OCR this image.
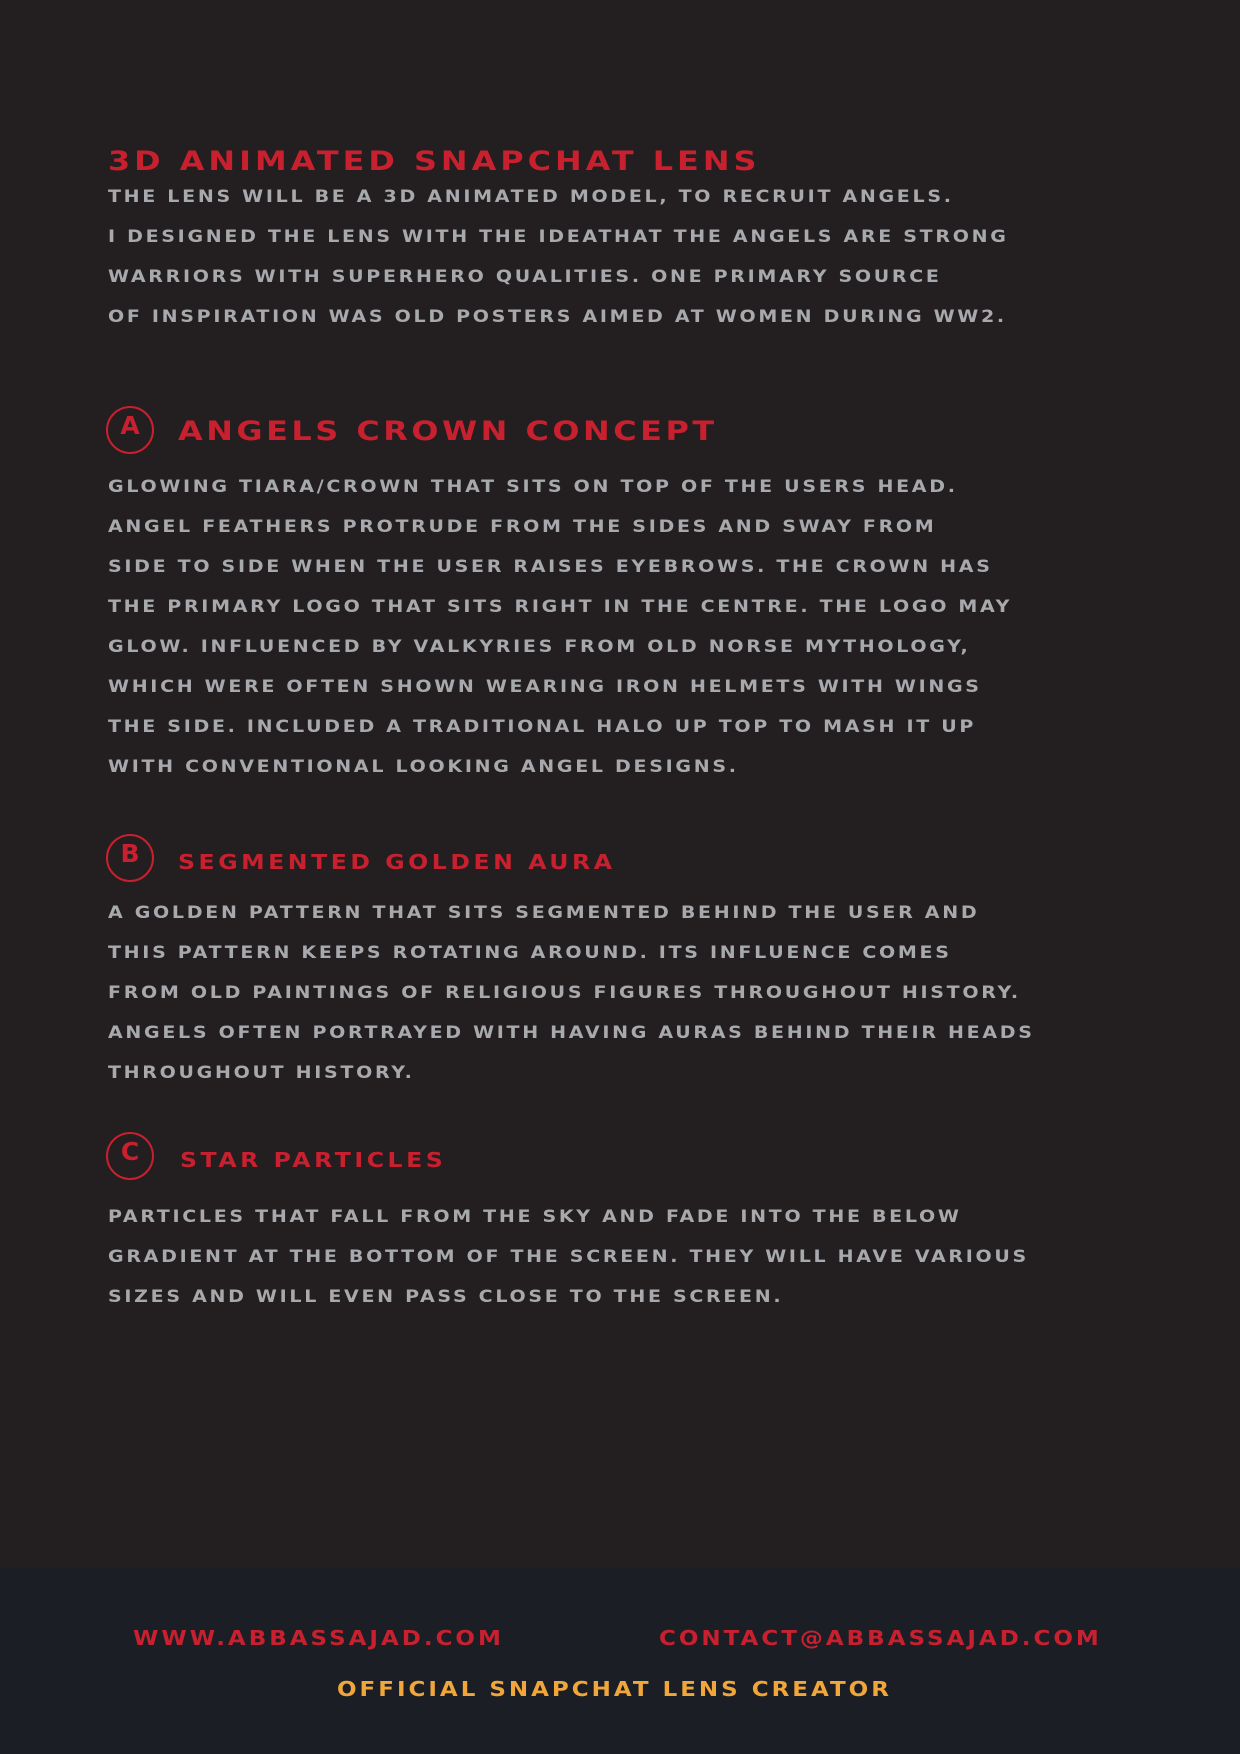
3D ANIMATED SNAPCHAT LENS

THE LENS WILL BE A 3D ANIMATED MODEL, TO RECRUIT ANGELS.
I DESIGNED THE LENS WITH THE IDEATHAT THE ANGELS ARE STRONG
WARRIORS WITH SUPERHERO QUALITIES. ONE PRIMARY SOURCE
OF INSPIRATION WAS OLD POSTERS AIMED AT WOMEN DURING WW2.

A	ANGELS CROWN CONCEPT

GLOWING TIARA/CROWN THAT SITS ON TOP OF THE USERS HEAD.
ANGEL FEATHERS PROTRUDE FROM THE SIDES AND SWAY FROM
SIDE TO SIDE WHEN THE USER RAISES EYEBROWS. THE CROWN HAS
THE PRIMARY LOGO THAT SITS RIGHT IN THE CENTRE. THE LOGO MAY
GLOW. INFLUENCED BY VALKYRIES FROM OLD NORSE MYTHOLOGY,
WHICH WERE OFTEN SHOWN WEARING IRON HELMETS WITH WINGS
THE SIDE. INCLUDED A TRADITIONAL HALO UP TOP TO MASH IT UP
WITH CONVENTIONAL LOOKING ANGEL DESIGNS.

B	SEGMENTED GOLDEN AURA

A GOLDEN PATTERN THAT SITS SEGMENTED BEHIND THE USER AND
THIS PATTERN KEEPS ROTATING AROUND. ITS INFLUENCE COMES
FROM OLD PAINTINGS OF RELIGIOUS FIGURES THROUGHOUT HISTORY.
ANGELS OFTEN PORTRAYED WITH HAVING AURAS BEHIND THEIR HEADS
THROUGHOUT HISTORY.

C	STAR PARTICLES

PARTICLES THAT FALL FROM THE SKY AND FADE INTO THE BELOW
GRADIENT AT THE BOTTOM OF THE SCREEN. THEY WILL HAVE VARIOUS
SIZES AND WILL EVEN PASS CLOSE TO THE SCREEN.

WWW.ABBASSAJAD.COM	CONTACT@ABBASSAJAD.COM

OFFICIAL SNAPCHAT LENS CREATOR
